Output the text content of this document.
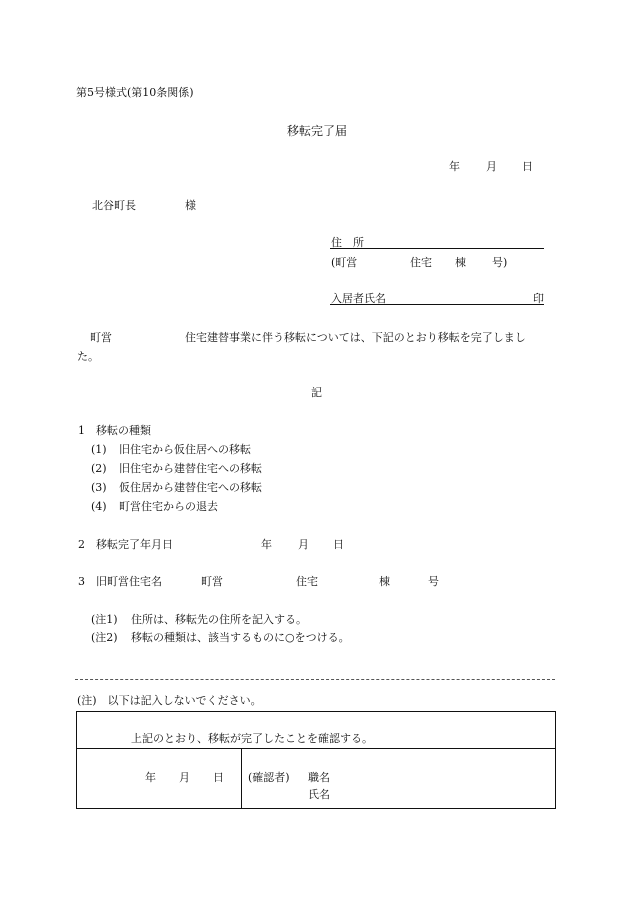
第5号様式(第10条関係)
移転完了届
年 月 日
北谷町長	様
住　所
(町営	住宅 棟 号)
入居者氏名	印
町営	住宅建替事業に伴う移転については、下記のとおり移転を完了しまし
た。
記
1　移転の種類
(1) 旧住宅から仮住居への移転
(2) 旧住宅から建替住宅への移転
(3) 仮住居から建替住宅への移転
(4) 町営住宅からの退去
2　移転完了年月日	年 月 日
3　旧町営住宅名	町営	住宅	棟	号
(注1) 住所は、移転先の住所を記入する。
(注2) 移転の種類は、該当するものに○をつける。
(注)　以下は記入しないでください。
上記のとおり、移転が完了したことを確認する。
年 月 日 (確認者) 職名
氏名
